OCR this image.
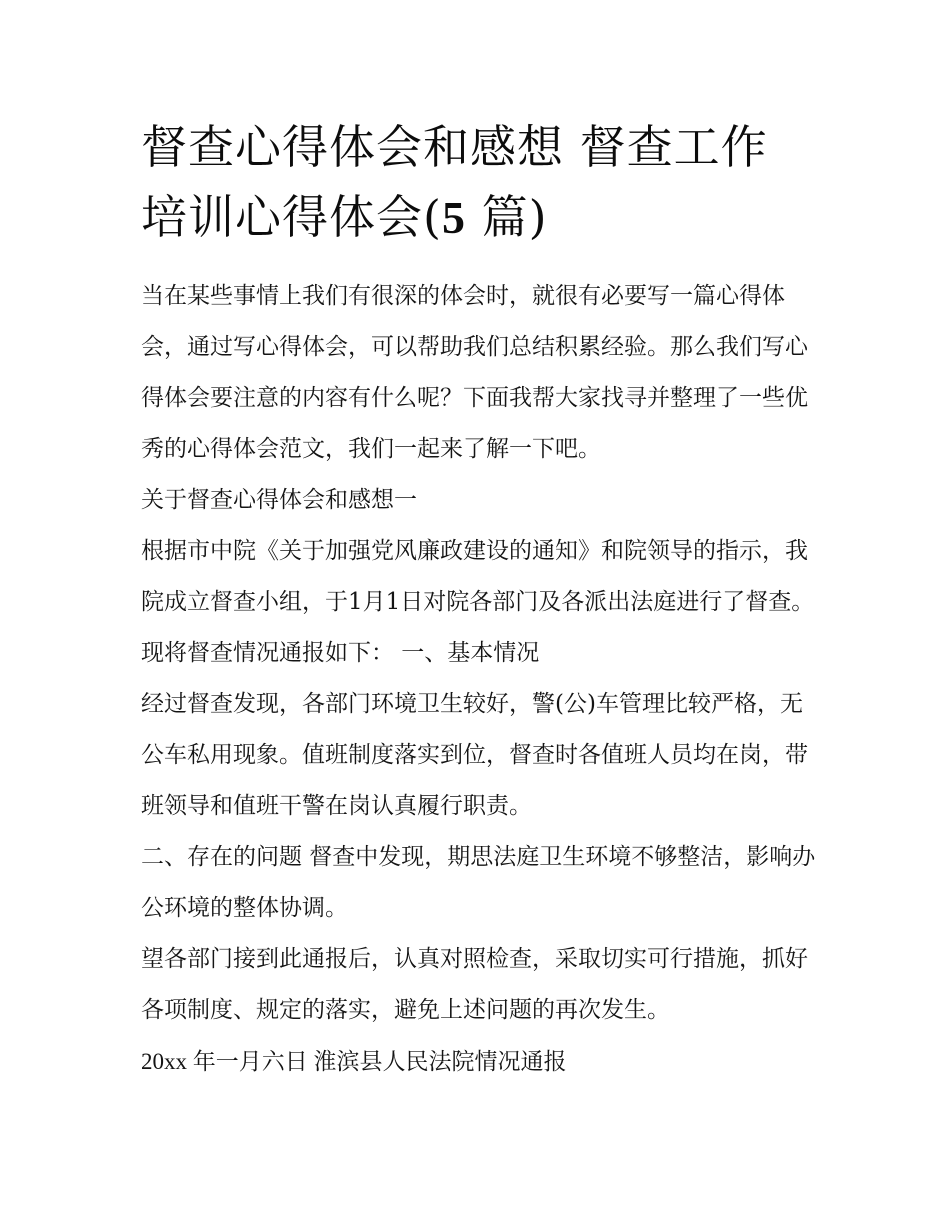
督查心得体会和感想 督查工作
培训心得体会(5 篇)

当在某些事情上我们有很深的体会时，就很有必要写一篇心得体会，通过写心得体会，可以帮助我们总结积累经验。那么我们写心得体会要注意的内容有什么呢？下面我帮大家找寻并整理了一些优秀的心得体会范文，我们一起来了解一下吧。

关于督查心得体会和感想一

根据市中院《关于加强党风廉政建设的通知》和院领导的指示，我院成立督查小组，于1月1日对院各部门及各派出法庭进行了督查。现将督查情况通报如下： 一、基本情况

经过督查发现，各部门环境卫生较好，警(公)车管理比较严格，无公车私用现象。值班制度落实到位，督查时各值班人员均在岗，带班领导和值班干警在岗认真履行职责。

二、存在的问题 督查中发现，期思法庭卫生环境不够整洁，影响办公环境的整体协调。

望各部门接到此通报后，认真对照检查，采取切实可行措施，抓好各项制度、规定的落实，避免上述问题的再次发生。

20xx 年一月六日 淮滨县人民法院情况通报
